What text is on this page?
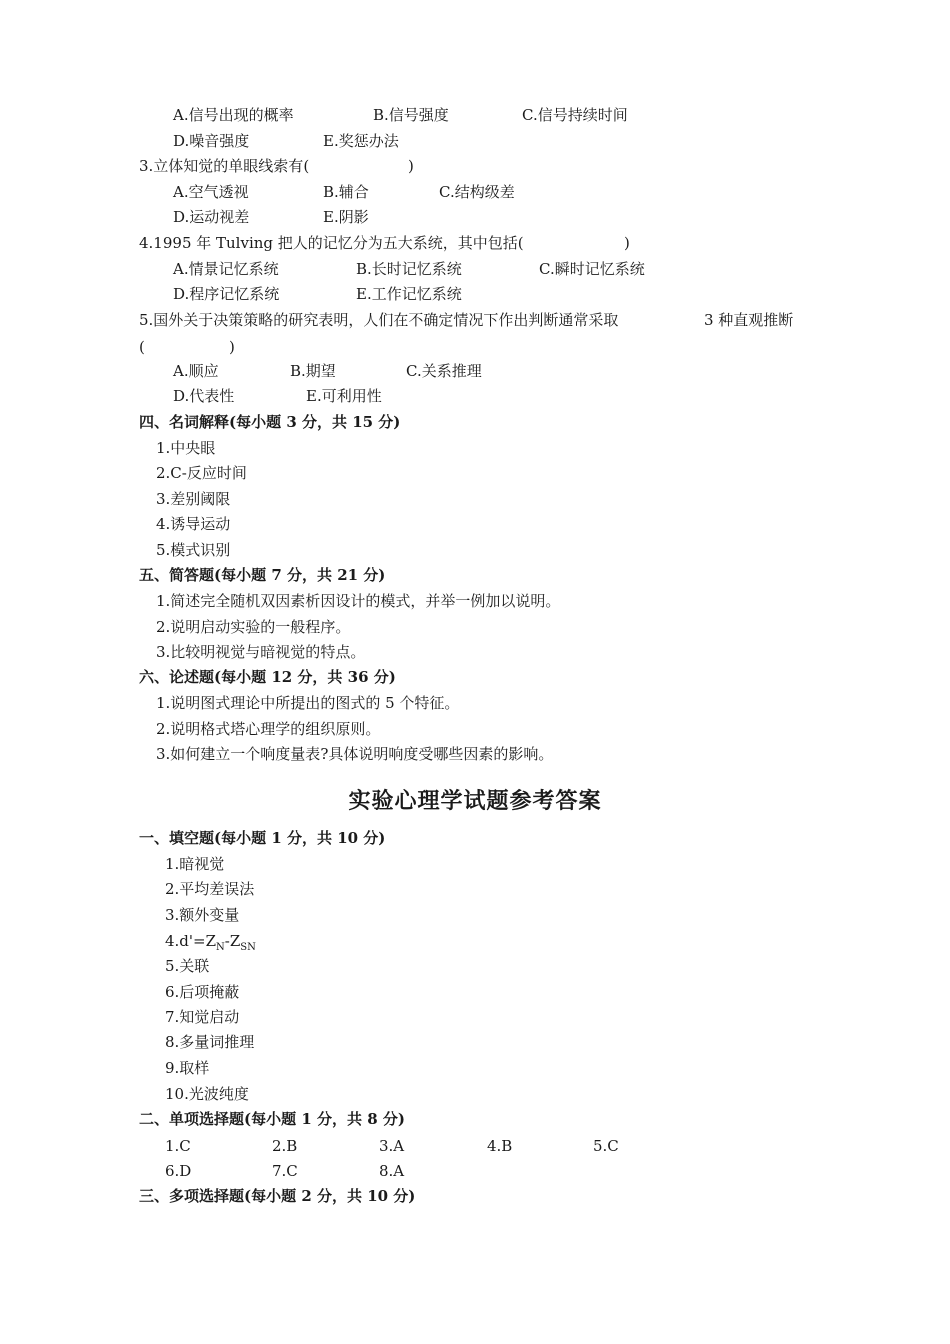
A.信号出现的概率	B.信号强度	C.信号持续时间
D.噪音强度	E.奖惩办法
3.立体知觉的单眼线索有(	)
A.空气透视	B.辅合	C.结构级差
D.运动视差	E.阴影
4.1995 年 Tulving 把人的记忆分为五大系统，其中包括(	)
A.情景记忆系统	B.长时记忆系统	C.瞬时记忆系统
D.程序记忆系统	E.工作记忆系统
5.国外关于决策策略的研究表明，人们在不确定情况下作出判断通常采取	3 种直观推断
(	)
A.顺应	B.期望	C.关系推理
D.代表性	E.可利用性
四、名词解释(每小题 3 分，共 15 分)
1.中央眼
2.C-反应时间
3.差别阈限
4.诱导运动
5.模式识别
五、简答题(每小题 7 分，共 21 分)
1.简述完全随机双因素析因设计的模式，并举一例加以说明。
2.说明启动实验的一般程序。
3.比较明视觉与暗视觉的特点。
六、论述题(每小题 12 分，共 36 分)
1.说明图式理论中所提出的图式的 5 个特征。
2.说明格式塔心理学的组织原则。
3.如何建立一个响度量表?具体说明响度受哪些因素的影响。
实验心理学试题参考答案
一、填空题(每小题 1 分，共 10 分)
1.暗视觉
2.平均差误法
3.额外变量
$4.d'=Z_N-Z_{SN}$
5.关联
6.后项掩蔽
7.知觉启动
8.多量词推理
9.取样
10.光波纯度
二、单项选择题(每小题 1 分，共 8 分)
1.C	2.B	3.A	4.B	5.C
6.D	7.C	8.A
三、多项选择题(每小题 2 分，共 10 分)
